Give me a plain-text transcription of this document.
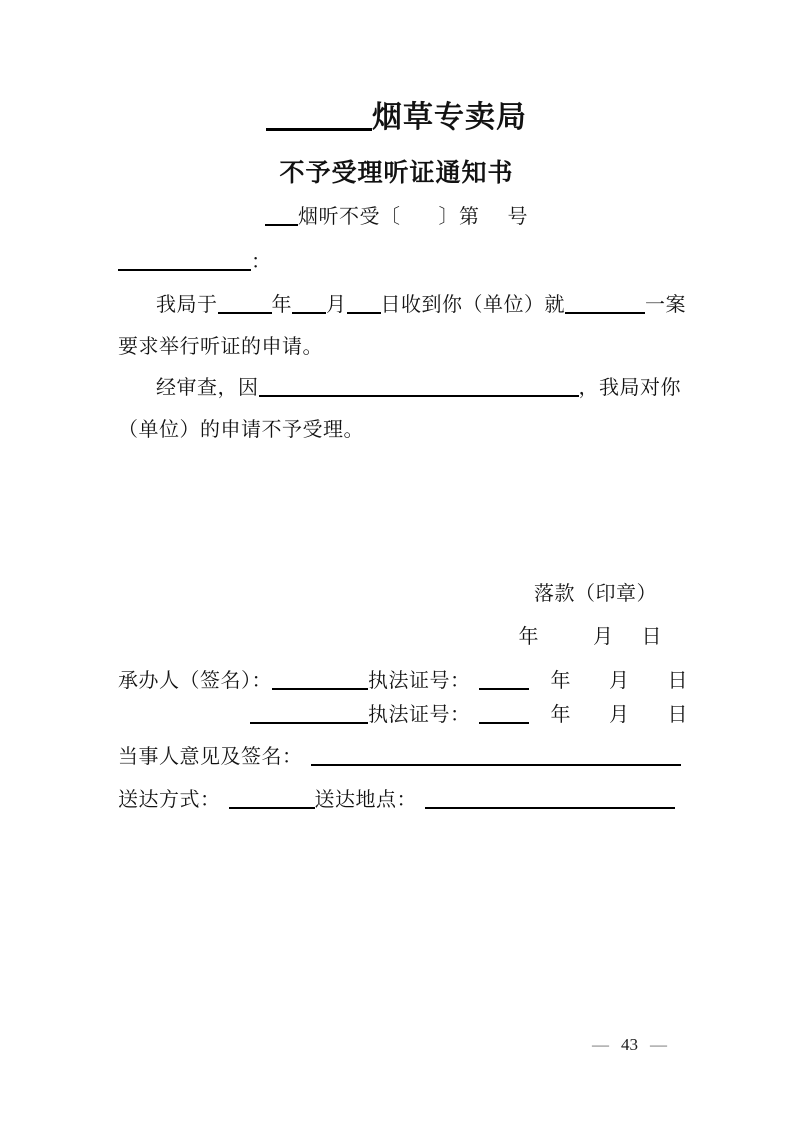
烟草专卖局
不予受理听证通知书
烟听不受〔 〕第 号
：
我局于	年 月 日收到你（单位）就	一案
要求举行听证的申请。
经审查，因	，我局对你
（单位）的申请不予受理。
落款（印章）
年	月 日
承办人（签名）：	执法证号：	年 月 日
执法证号：	年 月 日
当事人意见及签名：
送达方式：	送达地点：
— 43 —
